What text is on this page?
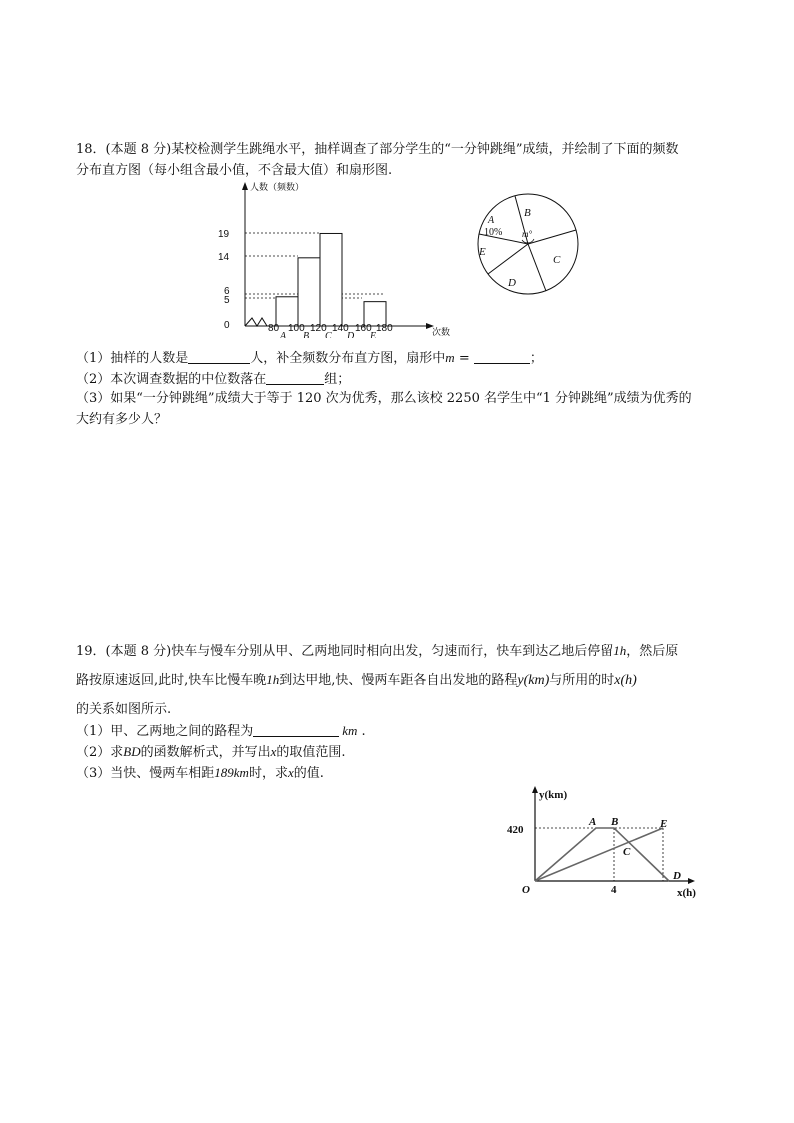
18．(本题 8 分)某校检测学生跳绳水平，抽样调查了部分学生的“一分钟跳绳”成绩，并绘制了下面的频数
分布直方图（每小组含最小值，不含最大值）和扇形图.
人数（频数）
次数
0
19
14
6
5
80 100 120 140 160 180
A B C D E
A
10%
B
m°
C
D
E
（1）抽样的人数是	人，补全频数分布直方图，扇形中m =	；
（2）本次调查数据的中位数落在	组；
（3）如果“一分钟跳绳”成绩大于等于 120 次为优秀，那么该校 2250 名学生中“1 分钟跳绳”成绩为优秀的
大约有多少人？
19．(本题 8 分)快车与慢车分别从甲、乙两地同时相向出发，匀速而行，快车到达乙地后停留1h，然后原
路按原速返回,此时,快车比慢车晚1h到达甲地,快、慢两车距各自出发地的路程y(km)与所用的时x(h)
的关系如图所示.
（1）甲、乙两地之间的路程为	km .
（2）求BD的函数解析式，并写出x的取值范围.
（3）当快、慢两车相距189km时，求x的值.
y(km)
x(h)
O
420
4
A B
C
D
E
